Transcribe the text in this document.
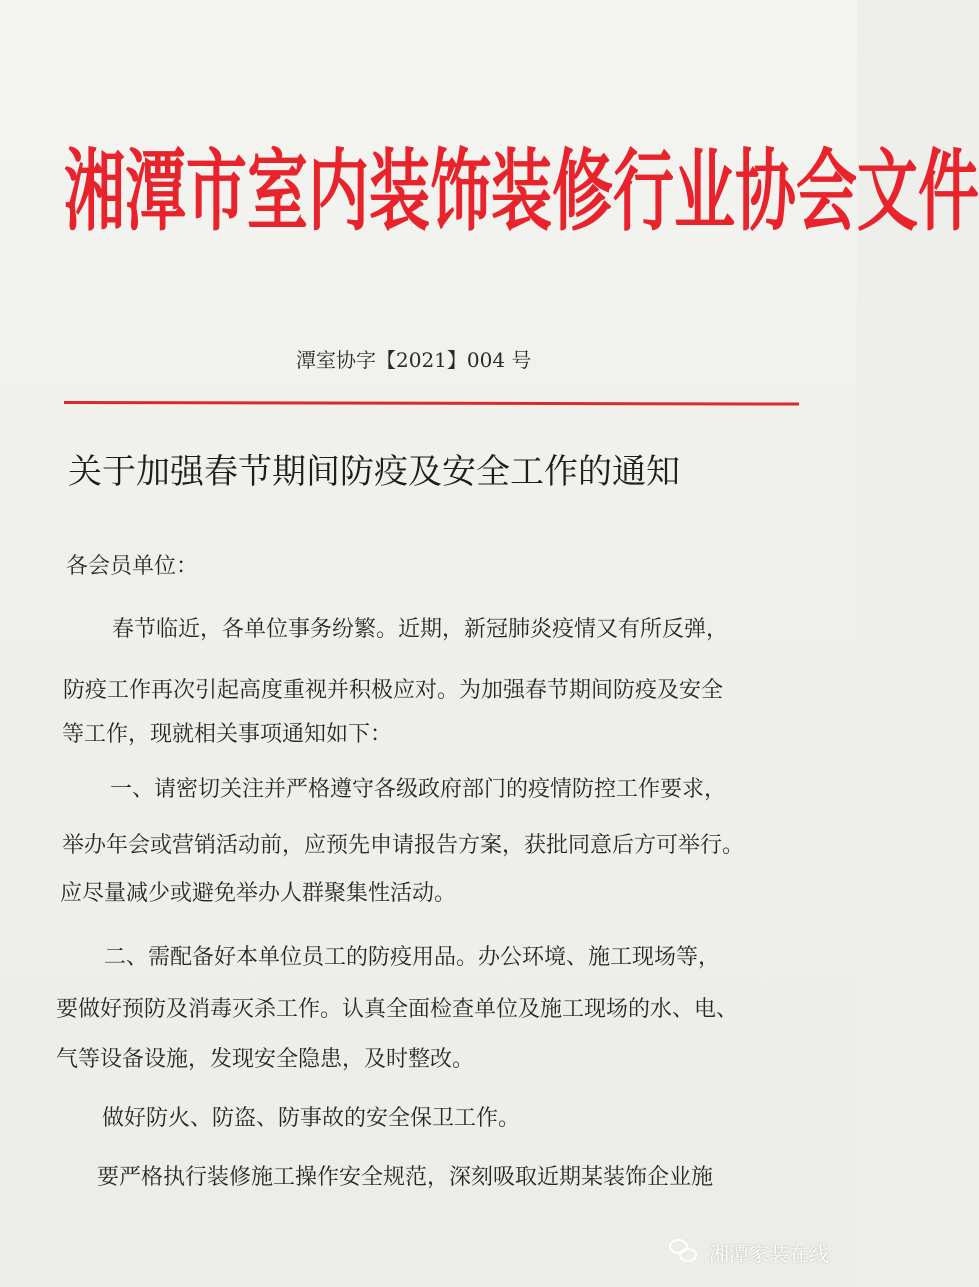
湘潭市室内装饰装修行业协会文件
潭室协字【2021】004 号
关于加强春节期间防疫及安全工作的通知
各会员单位：
春节临近，各单位事务纷繁。近期，新冠肺炎疫情又有所反弹，
防疫工作再次引起高度重视并积极应对。为加强春节期间防疫及安全
等工作，现就相关事项通知如下：
一、请密切关注并严格遵守各级政府部门的疫情防控工作要求，
举办年会或营销活动前，应预先申请报告方案，获批同意后方可举行。
应尽量减少或避免举办人群聚集性活动。
二、需配备好本单位员工的防疫用品。办公环境、施工现场等，
要做好预防及消毒灭杀工作。认真全面检查单位及施工现场的水、电、
气等设备设施，发现安全隐患，及时整改。
做好防火、防盗、防事故的安全保卫工作。
要严格执行装修施工操作安全规范，深刻吸取近期某装饰企业施
湘潭家装在线
